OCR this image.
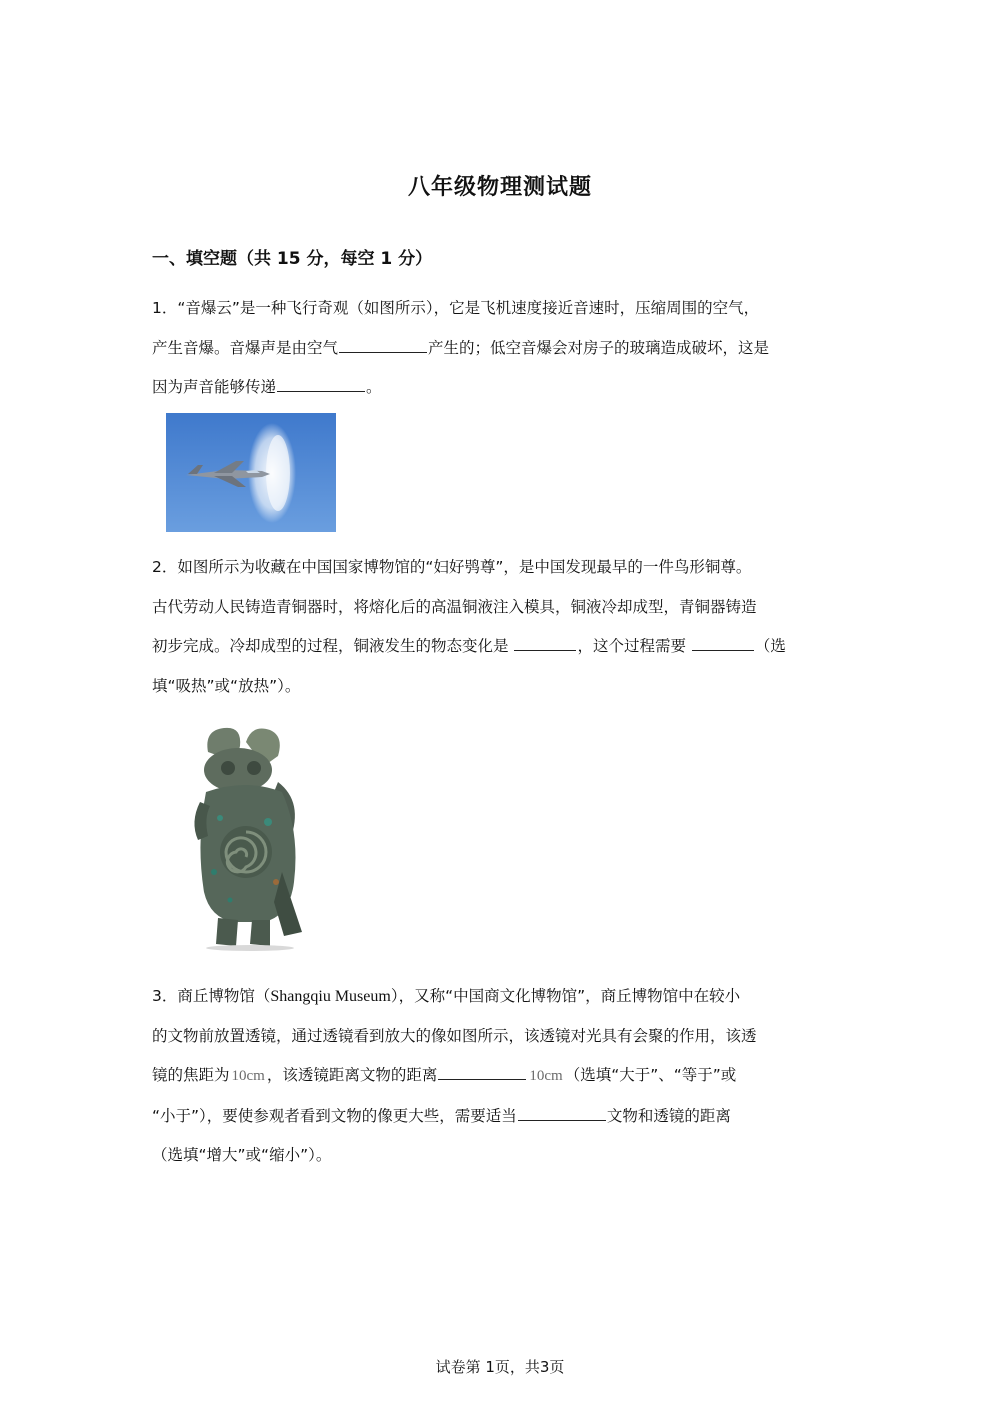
八年级物理测试题
一、填空题（共 15 分，每空 1 分）
1．“音爆云”是一种飞行奇观（如图所示），它是飞机速度接近音速时，压缩周围的空气，
产生音爆。音爆声是由空气	产生的；低空音爆会对房子的玻璃造成破坏，这是
因为声音能够传递	。
2．如图所示为收藏在中国国家博物馆的“妇好鸮尊”，是中国发现最早的一件鸟形铜尊。
古代劳动人民铸造青铜器时，将熔化后的高温铜液注入模具，铜液冷却成型，青铜器铸造
初步完成。冷却成型的过程，铜液发生的物态变化是	，这个过程需要	（选
填“吸热”或“放热”）。
3．商丘博物馆（Shangqiu Museum），又称“中国商文化博物馆”，商丘博物馆中在较小
的文物前放置透镜，通过透镜看到放大的像如图所示，该透镜对光具有会聚的作用，该透
镜的焦距为 10cm ，该透镜距离文物的距离	10cm （选填“大于”、“等于”或
“小于”），要使参观者看到文物的像更大些，需要适当	文物和透镜的距离
（选填“增大”或“缩小”）。
试卷第 1页，共3页
